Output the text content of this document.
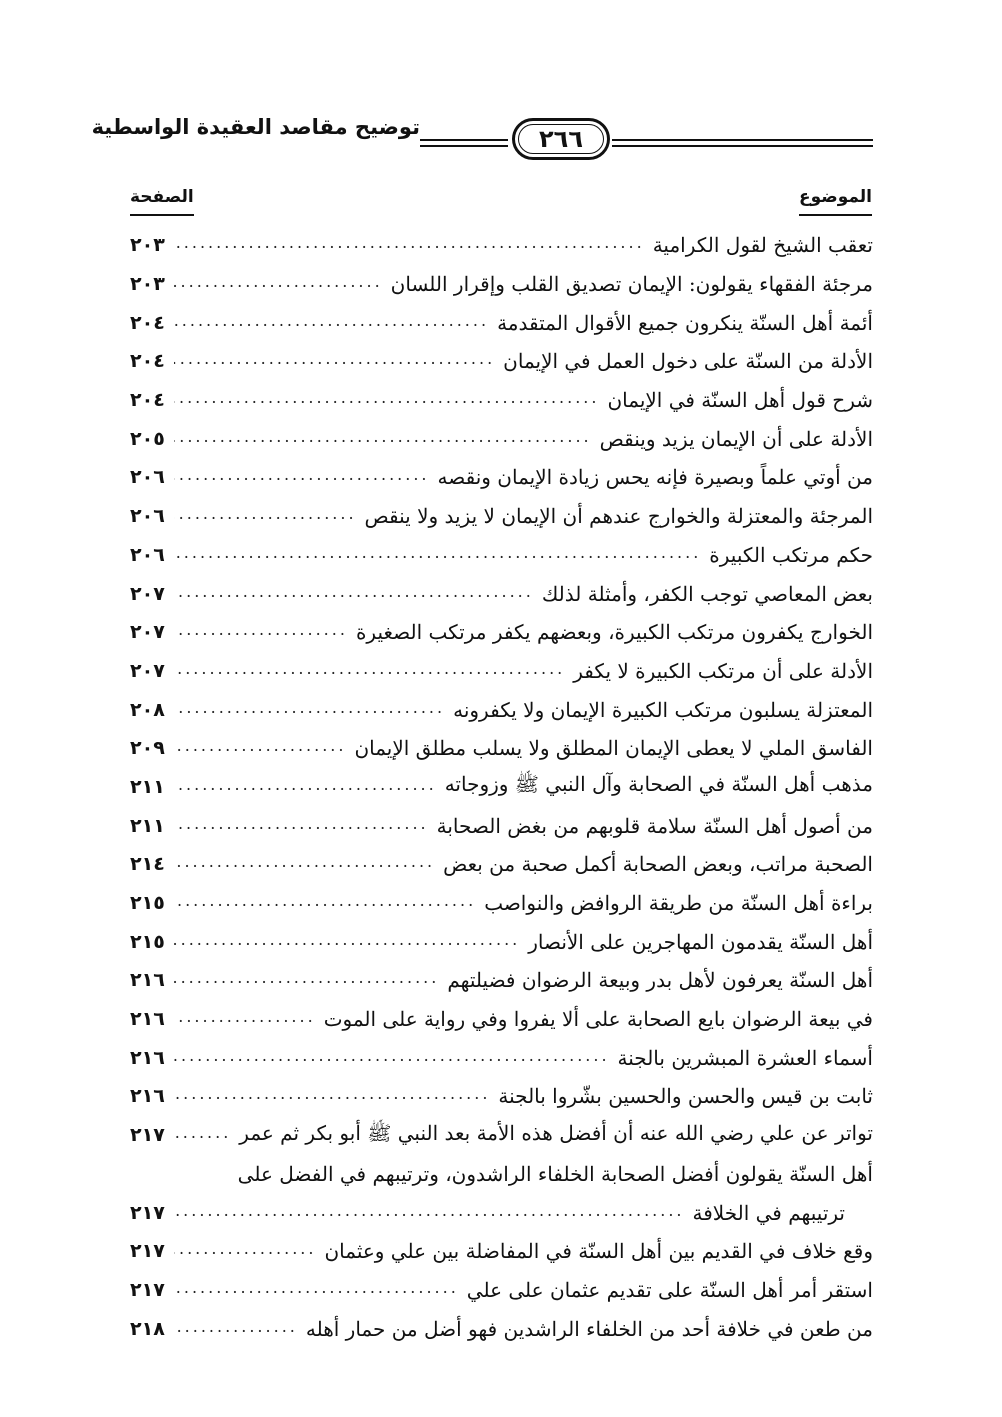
توضيح مقاصد العقيدة الواسطية	٢٦٦
الموضوع
الصفحة
تعقب الشيخ لقول الكرامية
.....
٢٠٣
مرجئة الفقهاء يقولون: الإيمان تصديق القلب وإقرار اللسان
.....
٢٠٣
أئمة أهل السنّة ينكرون جميع الأقوال المتقدمة
.....
٢٠٤
الأدلة من السنّة على دخول العمل في الإيمان
.....
٢٠٤
شرح قول أهل السنّة في الإيمان
.....
٢٠٤
الأدلة على أن الإيمان يزيد وينقص
.....
٢٠٥
من أوتي علماً وبصيرة فإنه يحس زيادة الإيمان ونقصه
.....
٢٠٦
المرجئة والمعتزلة والخوارج عندهم أن الإيمان لا يزيد ولا ينقص
.....
٢٠٦
حكم مرتكب الكبيرة
.....
٢٠٦
بعض المعاصي توجب الكفر، وأمثلة لذلك
.....
٢٠٧
الخوارج يكفرون مرتكب الكبيرة، وبعضهم يكفر مرتكب الصغيرة
.....
٢٠٧
الأدلة على أن مرتكب الكبيرة لا يكفر
.....
٢٠٧
المعتزلة يسلبون مرتكب الكبيرة الإيمان ولا يكفرونه
.....
٢٠٨
الفاسق الملي لا يعطى الإيمان المطلق ولا يسلب مطلق الإيمان
.....
٢٠٩
مذهب أهل السنّة في الصحابة وآل النبي ﷺ وزوجاته
.....
٢١١
من أصول أهل السنّة سلامة قلوبهم من بغض الصحابة
.....
٢١١
الصحبة مراتب، وبعض الصحابة أكمل صحبة من بعض
.....
٢١٤
براءة أهل السنّة من طريقة الروافض والنواصب
.....
٢١٥
أهل السنّة يقدمون المهاجرين على الأنصار
.....
٢١٥
أهل السنّة يعرفون لأهل بدر وبيعة الرضوان فضيلتهم
.....
٢١٦
في بيعة الرضوان بايع الصحابة على ألا يفروا وفي رواية على الموت
.....
٢١٦
أسماء العشرة المبشرين بالجنة
.....
٢١٦
ثابت بن قيس والحسن والحسين بشّروا بالجنة
.....
٢١٦
تواتر عن علي رضي الله عنه أن أفضل هذه الأمة بعد النبي ﷺ أبو بكر ثم عمر
.....
٢١٧
أهل السنّة يقولون أفضل الصحابة الخلفاء الراشدون، وترتيبهم في الفضل على
ترتيبهم في الخلافة
.....
٢١٧
وقع خلاف في القديم بين أهل السنّة في المفاضلة بين علي وعثمان
.....
٢١٧
استقر أمر أهل السنّة على تقديم عثمان على علي
.....
٢١٧
من طعن في خلافة أحد من الخلفاء الراشدين فهو أضل من حمار أهله
.....
٢١٨
